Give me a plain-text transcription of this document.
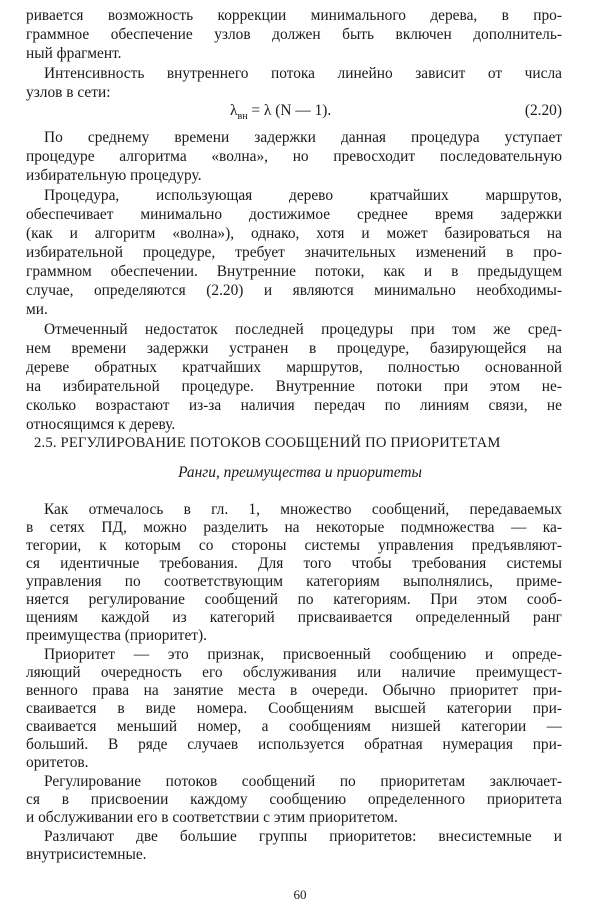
ривается возможность коррекции минимального дерева, в про-
граммное обеспечение узлов должен быть включен дополнитель-
ный фрагмент.
Интенсивность внутреннего потока линейно зависит от числа
узлов в сети:
$\lambda_{вн} = \lambda$ (N — 1).	(2.20)
По среднему времени задержки данная процедура уступает
процедуре алгоритма «волна», но превосходит последовательную
избирательную процедуру.
Процедура, использующая дерево кратчайших маршрутов,
обеспечивает минимально достижимое среднее время задержки
(как и алгоритм «волна»), однако, хотя и может базироваться на
избирательной процедуре, требует значительных изменений в про-
граммном обеспечении. Внутренние потоки, как и в предыдущем
случае, определяются (2.20) и являются минимально необходимы-
ми.
Отмеченный недостаток последней процедуры при том же сред-
нем времени задержки устранен в процедуре, базирующейся на
дереве обратных кратчайших маршрутов, полностью основанной
на избирательной процедуре. Внутренние потоки при этом не-
сколько возрастают из-за наличия передач по линиям связи, не
относящимся к дереву.
2.5. РЕГУЛИРОВАНИЕ ПОТОКОВ СООБЩЕНИЙ ПО ПРИОРИТЕТАМ
Ранги, преимущества и приоритеты
Как отмечалось в гл. 1, множество сообщений, передаваемых
в сетях ПД, можно разделить на некоторые подмножества — ка-
тегории, к которым со стороны системы управления предъявляют-
ся идентичные требования. Для того чтобы требования системы
управления по соответствующим категориям выполнялись, приме-
няется регулирование сообщений по категориям. При этом сооб-
щениям каждой из категорий присваивается определенный ранг
преимущества (приоритет).
Приоритет — это признак, присвоенный сообщению и опреде-
ляющий очередность его обслуживания или наличие преимущест-
венного права на занятие места в очереди. Обычно приоритет при-
сваивается в виде номера. Сообщениям высшей категории при-
сваивается меньший номер, а сообщениям низшей категории —
больший. В ряде случаев используется обратная нумерация при-
оритетов.
Регулирование потоков сообщений по приоритетам заключает-
ся в присвоении каждому сообщению определенного приоритета
и обслуживании его в соответствии с этим приоритетом.
Различают две большие группы приоритетов: внесистемные и
внутрисистемные.
60
